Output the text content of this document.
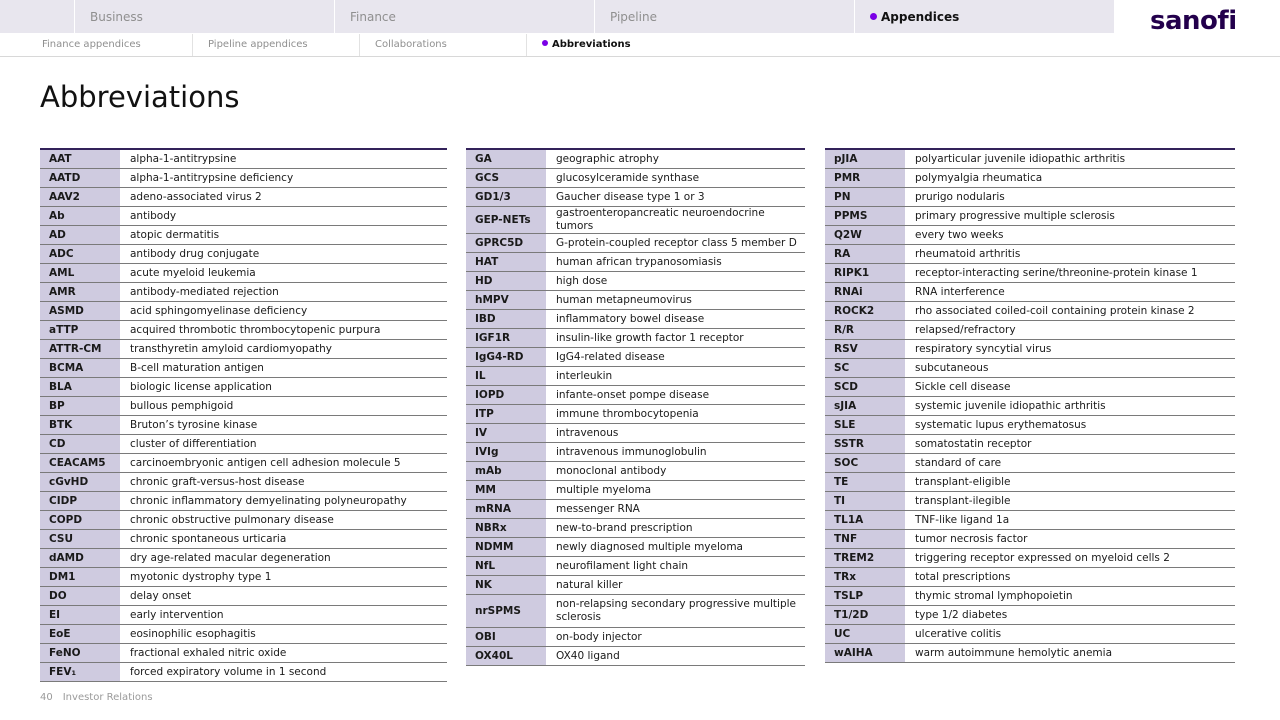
Business	Finance	Pipeline	Appendices	sanofi
Finance appendices	Pipeline appendices	Collaborations	Abbreviations
Abbreviations
AAT	alpha-1-antitrypsine
AATD	alpha-1-antitrypsine deficiency
AAV2	adeno-associated virus 2
Ab	antibody
AD	atopic dermatitis
ADC	antibody drug conjugate
AML	acute myeloid leukemia
AMR	antibody-mediated rejection
ASMD	acid sphingomyelinase deficiency
aTTP	acquired thrombotic thrombocytopenic purpura
ATTR-CM	transthyretin amyloid cardiomyopathy
BCMA	B-cell maturation antigen
BLA	biologic license application
BP	bullous pemphigoid
BTK	Bruton’s tyrosine kinase
CD	cluster of differentiation
CEACAM5	carcinoembryonic antigen cell adhesion molecule 5
cGvHD	chronic graft-versus-host disease
CIDP	chronic inflammatory demyelinating polyneuropathy
COPD	chronic obstructive pulmonary disease
CSU	chronic spontaneous urticaria
dAMD	dry age-related macular degeneration
DM1	myotonic dystrophy type 1
DO	delay onset
EI	early intervention
EoE	eosinophilic esophagitis
FeNO	fractional exhaled nitric oxide
FEV₁	forced expiratory volume in 1 second
GA	geographic atrophy
GCS	glucosylceramide synthase
GD1/3	Gaucher disease type 1 or 3
GEP-NETs
gastroenteropancreatic neuroendocrine tumors
GPRC5D	G-protein-coupled receptor class 5 member D
HAT	human african trypanosomiasis
HD	high dose
hMPV	human metapneumovirus
IBD	inflammatory bowel disease
IGF1R	insulin-like growth factor 1 receptor
IgG4-RD	IgG4-related disease
IL	interleukin
IOPD	infante-onset pompe disease
ITP	immune thrombocytopenia
IV	intravenous
IVIg	intravenous immunoglobulin
mAb	monoclonal antibody
MM	multiple myeloma
mRNA	messenger RNA
NBRx	new-to-brand prescription
NDMM	newly diagnosed multiple myeloma
NfL	neurofilament light chain
NK	natural killer
nrSPMS
non-relapsing secondary progressive multiple sclerosis
OBI	on-body injector
OX40L	OX40 ligand
pJIA	polyarticular juvenile idiopathic arthritis
PMR	polymyalgia rheumatica
PN	prurigo nodularis
PPMS	primary progressive multiple sclerosis
Q2W	every two weeks
RA	rheumatoid arthritis
RIPK1	receptor-interacting serine/threonine-protein kinase 1
RNAi	RNA interference
ROCK2	rho associated coiled-coil containing protein kinase 2
R/R	relapsed/refractory
RSV	respiratory syncytial virus
SC	subcutaneous
SCD	Sickle cell disease
sJIA	systemic juvenile idiopathic arthritis
SLE	systematic lupus erythematosus
SSTR	somatostatin receptor
SOC	standard of care
TE	transplant-eligible
TI	transplant-ilegible
TL1A	TNF-like ligand 1a
TNF	tumor necrosis factor
TREM2	triggering receptor expressed on myeloid cells 2
TRx	total prescriptions
TSLP	thymic stromal lymphopoietin
T1/2D	type 1/2 diabetes
UC	ulcerative colitis
wAIHA	warm autoimmune hemolytic anemia
40 Investor Relations
